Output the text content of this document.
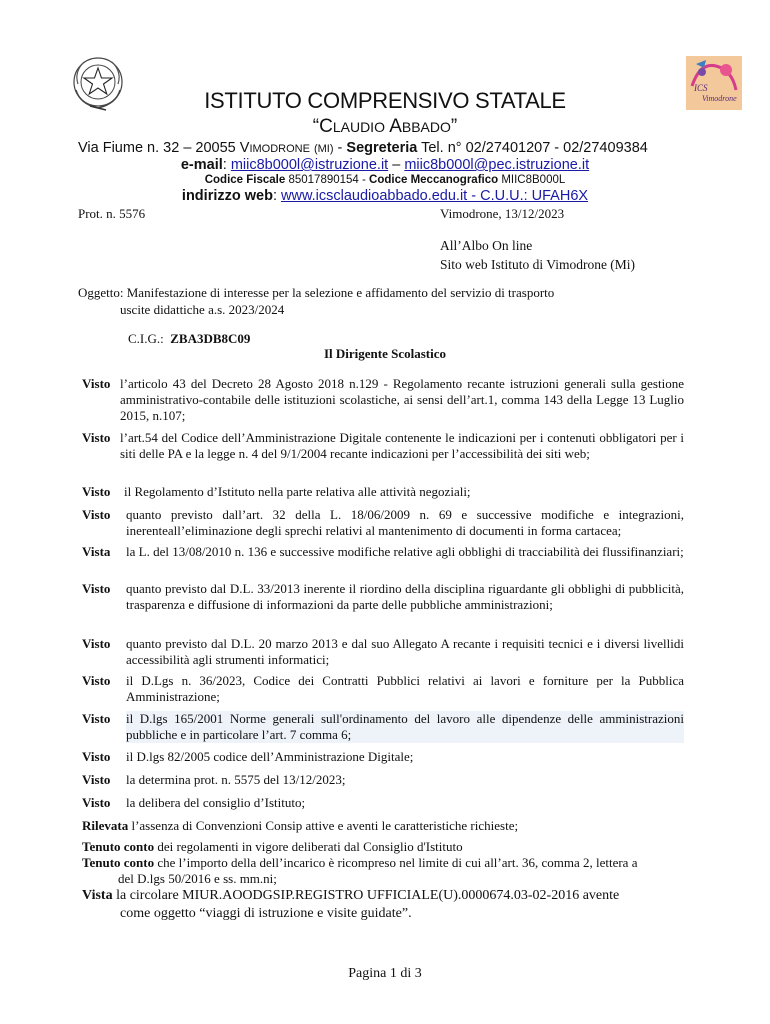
ICS
Vimodrone
ISTITUTO COMPRENSIVO STATALE
“CLAUDIO ABBADO”
Via Fiume n. 32 – 20055 VIMODRONE (MI) - Segreteria Tel. n° 02/27401207 - 02/27409384
e-mail: miic8b000l@istruzione.it – miic8b000l@pec.istruzione.it
Codice Fiscale 85017890154 - Codice Meccanografico MIIC8B000L
indirizzo web: www.icsclaudioabbado.edu.it - C.U.U.: UFAH6X
Prot. n. 5576	Vimodrone, 13/12/2023
All’Albo On line
Sito web Istituto di Vimodrone (Mi)
Oggetto: Manifestazione di interesse per la selezione e affidamento del servizio di trasporto
uscite didattiche a.s. 2023/2024
C.I.G.: ZBA3DB8C09
Il Dirigente Scolastico
Visto l’articolo 43 del Decreto 28 Agosto 2018 n.129 - Regolamento recante istruzioni generali sulla gestione amministrativo-contabile delle istituzioni scolastiche, ai sensi dell’art.1, comma 143 della Legge 13 Luglio 2015, n.107;
Visto l’art.54 del Codice dell’Amministrazione Digitale contenente le indicazioni per i contenuti obbligatori per i siti delle PA e la legge n. 4 del 9/1/2004 recante indicazioni per l’accessibilità dei siti web;
Visto il Regolamento d’Istituto nella parte relativa alle attività negoziali;
Visto quanto previsto dall’art. 32 della L. 18/06/2009 n. 69 e successive modifiche e integrazioni, inerenteall’eliminazione degli sprechi relativi al mantenimento di documenti in forma cartacea;
Vista la L. del 13/08/2010 n. 136 e successive modifiche relative agli obblighi di tracciabilità dei flussifinanziari;
Visto quanto previsto dal D.L. 33/2013 inerente il riordino della disciplina riguardante gli obblighi di pubblicità, trasparenza e diffusione di informazioni da parte delle pubbliche amministrazioni;
Visto quanto previsto dal D.L. 20 marzo 2013 e dal suo Allegato A recante i requisiti tecnici e i diversi livellidi accessibilità agli strumenti informatici;
Visto il D.Lgs n. 36/2023, Codice dei Contratti Pubblici relativi ai lavori e forniture per la Pubblica Amministrazione;
Visto il D.lgs 165/2001 Norme generali sull'ordinamento del lavoro alle dipendenze delle amministrazioni pubbliche e in particolare l’art. 7 comma 6;
Visto il D.lgs 82/2005 codice dell’Amministrazione Digitale;
Visto la determina prot. n. 5575 del 13/12/2023;
Visto la delibera del consiglio d’Istituto;
Rilevata l’assenza di Convenzioni Consip attive e aventi le caratteristiche richieste;
Tenuto conto dei regolamenti in vigore deliberati dal Consiglio d'Istituto
Tenuto conto che l’importo della dell’incarico è ricompreso nel limite di cui all’art. 36, comma 2, lettera a
del D.lgs 50/2016 e ss. mm.ni;
Vista la circolare MIUR.AOODGSIP.REGISTRO UFFICIALE(U).0000674.03-02-2016 avente
come oggetto “viaggi di istruzione e visite guidate”.
Pagina 1 di 3
